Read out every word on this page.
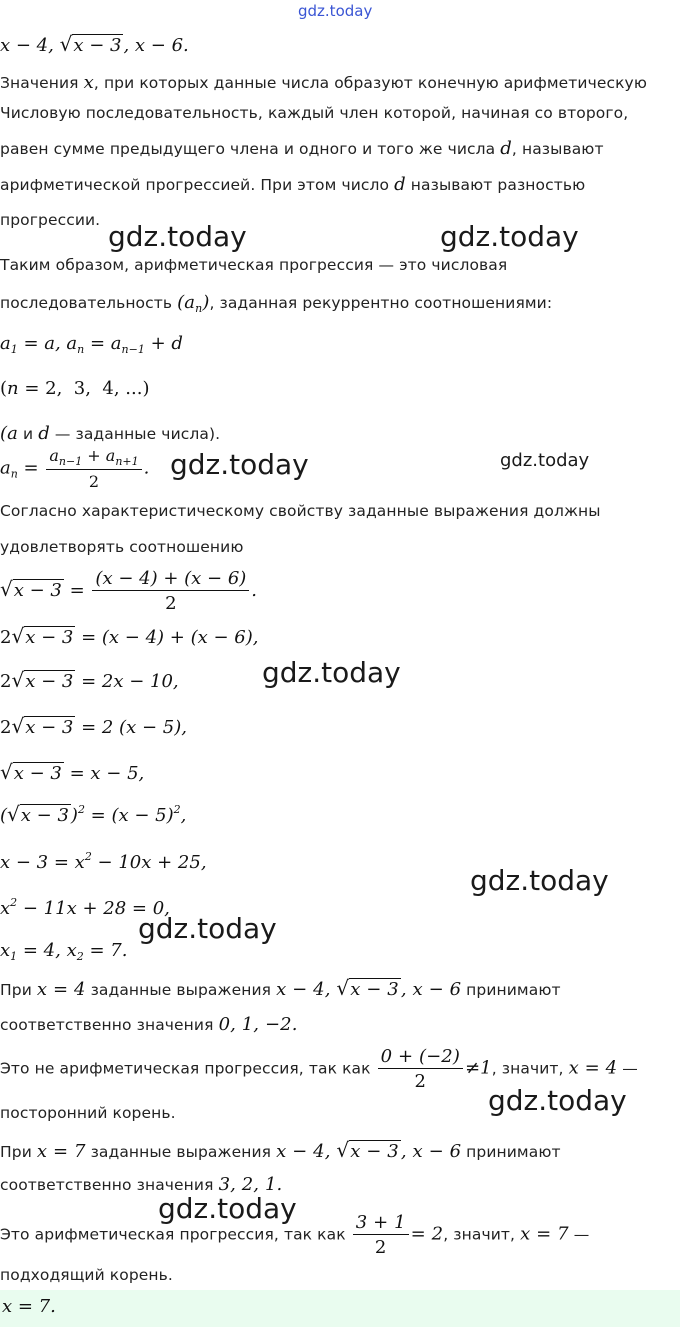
gdz.today
x − 4, √x − 3 , x − 6.
Значения x, при которых данные числа образуют конечную арифметическую
Числовую последовательность, каждый член которой, начиная со второго,
равен сумме предыдущего члена и одного и того же числа d, называют
арифметической прогрессией. При этом число d называют разностью
прогрессии. gdz.today	gdz.today
Таким образом, арифметическая прогрессия — это числовая
последовательность $(a_n)$, заданная рекуррентно соотношениями:
$a_1 = a$, $a_n = a_{n-1} + d$
(n = 2,  3,  4, ...)
(a и d — заданные числа).
$a_n = \frac{a_{n-1} + a_{n+1}}{2}$ . gdz.today	gdz.today
Согласно характеристическому свойству заданные выражения должны
удовлетворять соотношению
$√x - 3 = \frac{(x - 4) + (x - 6)}{2}$ .
2√x − 3 = (x − 4) + (x − 6),
2√x − 3 = 2x − 10,	gdz.today
2√x − 3 = 2 (x − 5),
√x − 3 = x − 5,
(√x − 3 )$^2 = (x - 5)^2$,
$x - 3 = x^2 - 10x + 25$,
gdz.today
$x^2 - 11x + 28 = 0$,
$x_1 = 4$, $x_2 = 7$.
gdz.today
При x = 4 заданные выражения x − 4, √x − 3 , x − 6 принимают
соответственно значения 0, 1, −2.
Это не арифметическая прогрессия, так как $\frac{0 + (-2)}{2} \ne 1$, значит, x = 4 —
посторонний корень.	gdz.today
При x = 7 заданные выражения x − 4, √x − 3 , x − 6 принимают
соответственно значения 3, 2, 1.
gdz.today
Это арифметическая прогрессия, так как $\frac{3 + 1}{2} = 2$, значит, x = 7 —
подходящий корень.
x = 7.
